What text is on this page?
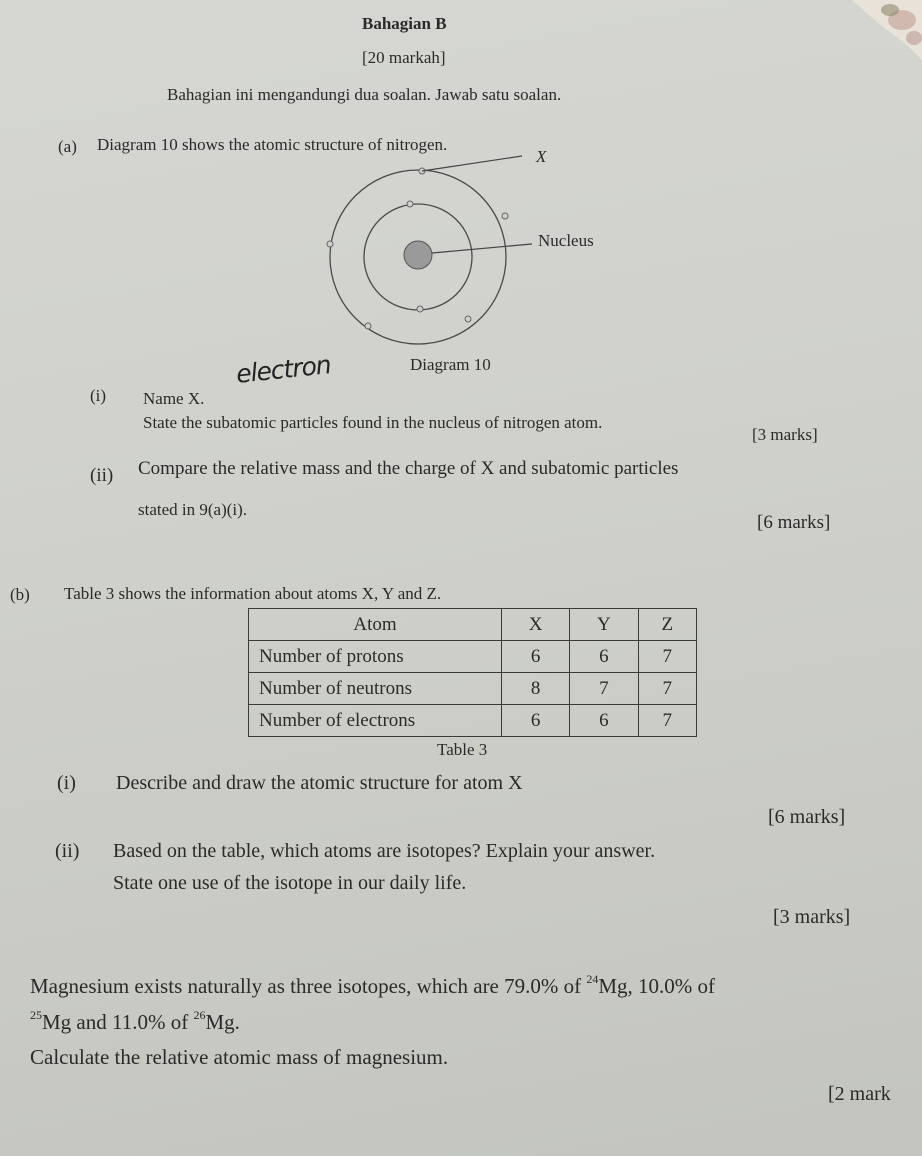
Bahagian B
[20 markah]
Bahagian ini mengandungi dua soalan. Jawab satu soalan.
(a) Diagram 10 shows the atomic structure of nitrogen.
X
Nucleus
Diagram 10
(i) Name X.
electron
State the subatomic particles found in the nucleus of nitrogen atom.
[3 marks]
(ii) Compare the relative mass and the charge of X and subatomic particles
stated in 9(a)(i).
[6 marks]
(b) Table 3 shows the information about atoms X, Y and Z.
Atom	X	Y	Z
Number of protons	6	6	7
Number of neutrons	8	7	7
Number of electrons	6	6	7
Table 3
(i) Describe and draw the atomic structure for atom X
[6 marks]
(ii) Based on the table, which atoms are isotopes? Explain your answer.
State one use of the isotope in our daily life.
[3 marks]
Magnesium exists naturally as three isotopes, which are 79.0% of $^{24}$Mg, 10.0% of
$^{25}$Mg and 11.0% of $^{26}$Mg.
Calculate the relative atomic mass of magnesium.
[2 mark
